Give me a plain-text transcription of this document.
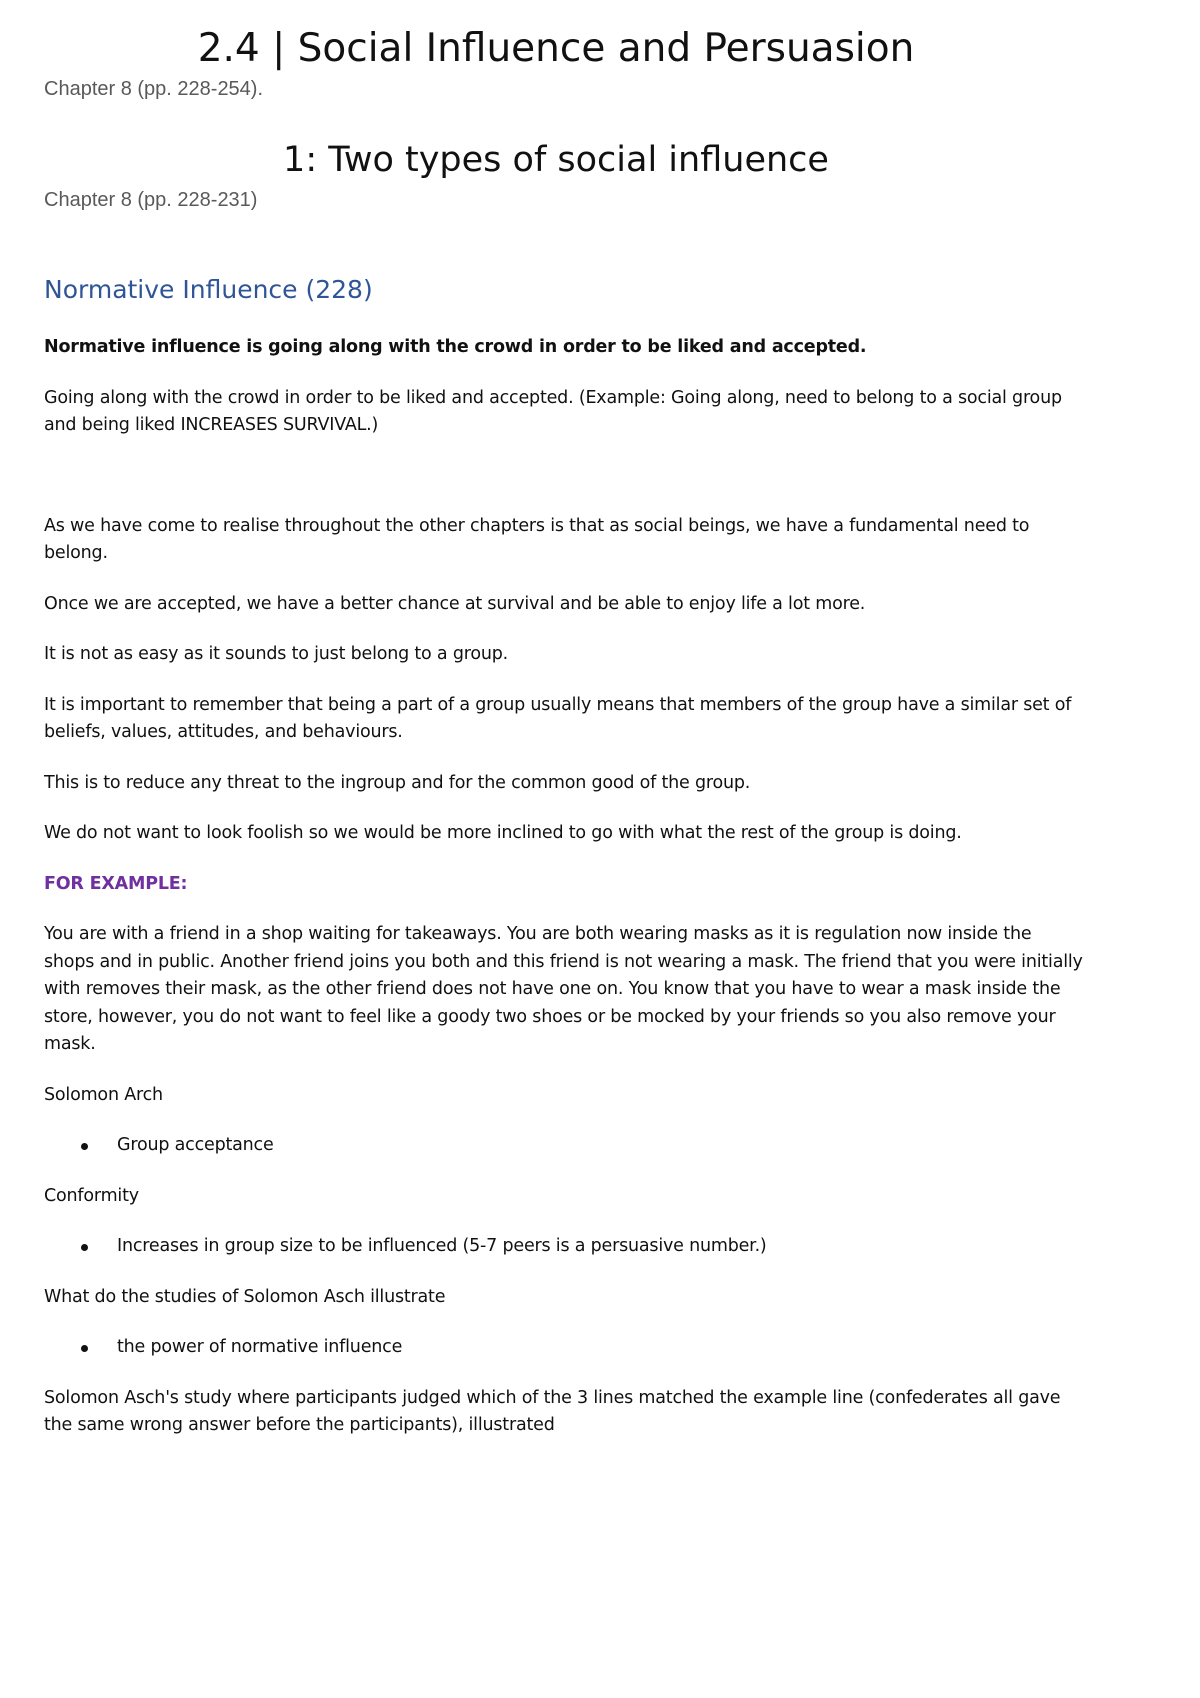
2.4 | Social Influence and Persuasion

Chapter 8 (pp. 228-254).

1: Two types of social influence

Chapter 8 (pp. 228-231)

Normative Influence (228)

Normative influence is going along with the crowd in order to be liked and accepted.

Going along with the crowd in order to be liked and accepted. (Example: Going along, need to belong to a social group and being liked INCREASES SURVIVAL.)

As we have come to realise throughout the other chapters is that as social beings, we have a fundamental need to belong.

Once we are accepted, we have a better chance at survival and be able to enjoy life a lot more.

It is not as easy as it sounds to just belong to a group.

It is important to remember that being a part of a group usually means that members of the group have a similar set of beliefs, values, attitudes, and behaviours.

This is to reduce any threat to the ingroup and for the common good of the group.

We do not want to look foolish so we would be more inclined to go with what the rest of the group is doing.

FOR EXAMPLE:

You are with a friend in a shop waiting for takeaways. You are both wearing masks as it is regulation now inside the shops and in public. Another friend joins you both and this friend is not wearing a mask. The friend that you were initially with removes their mask, as the other friend does not have one on. You know that you have to wear a mask inside the store, however, you do not want to feel like a goody two shoes or be mocked by your friends so you also remove your mask.

Solomon Arch

Group acceptance

Conformity

Increases in group size to be influenced (5-7 peers is a persuasive number.)

What do the studies of Solomon Asch illustrate

the power of normative influence

Solomon Asch's study where participants judged which of the 3 lines matched the example line (confederates all gave the same wrong answer before the participants), illustrated
